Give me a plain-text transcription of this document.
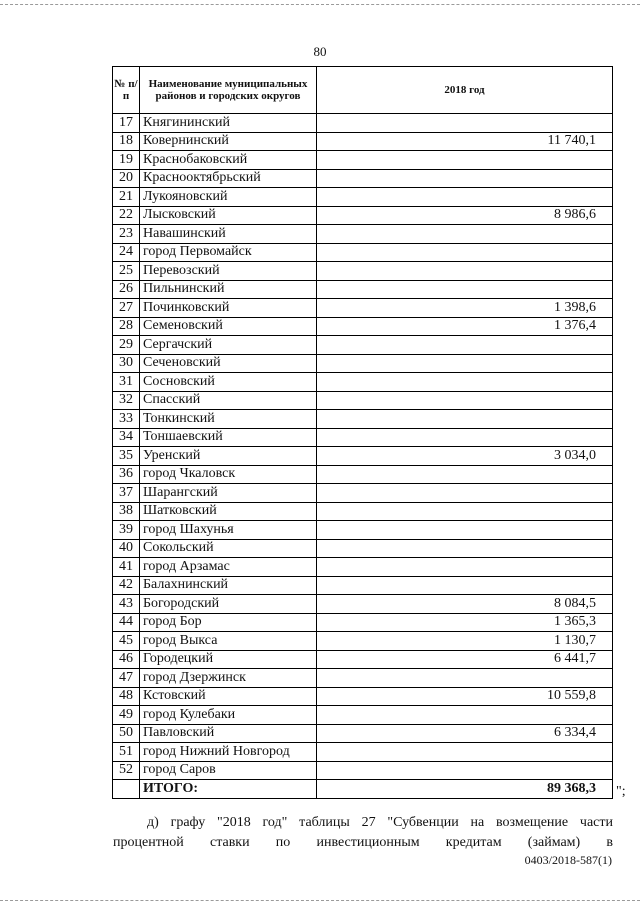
80
№ п/п	Наименование муниципальных районов и городских округов	2018 год
17	Княгининский	
18	Ковернинский	11 740,1
19	Краснобаковский	
20	Краснооктябрьский	
21	Лукояновский	
22	Лысковский	8 986,6
23	Навашинский	
24	город Первомайск	
25	Перевозский	
26	Пильнинский	
27	Починковский	1 398,6
28	Семеновский	1 376,4
29	Сергачский	
30	Сеченовский	
31	Сосновский	
32	Спасский	
33	Тонкинский	
34	Тоншаевский	
35	Уренский	3 034,0
36	город Чкаловск	
37	Шарангский	
38	Шатковский	
39	город Шахунья	
40	Сокольский	
41	город Арзамас	
42	Балахнинский	
43	Богородский	8 084,5
44	город Бор	1 365,3
45	город Выкса	1 130,7
46	Городецкий	6 441,7
47	город Дзержинск	
48	Кстовский	10 559,8
49	город Кулебаки	
50	Павловский	6 334,4
51	город Нижний Новгород	
52	город Саров	
	ИТОГО:	89 368,3 ";
д) графу "2018 год" таблицы 27 "Субвенции на возмещение части
процентной ставки по инвестиционным кредитам (займам) в
0403/2018-587(1)
